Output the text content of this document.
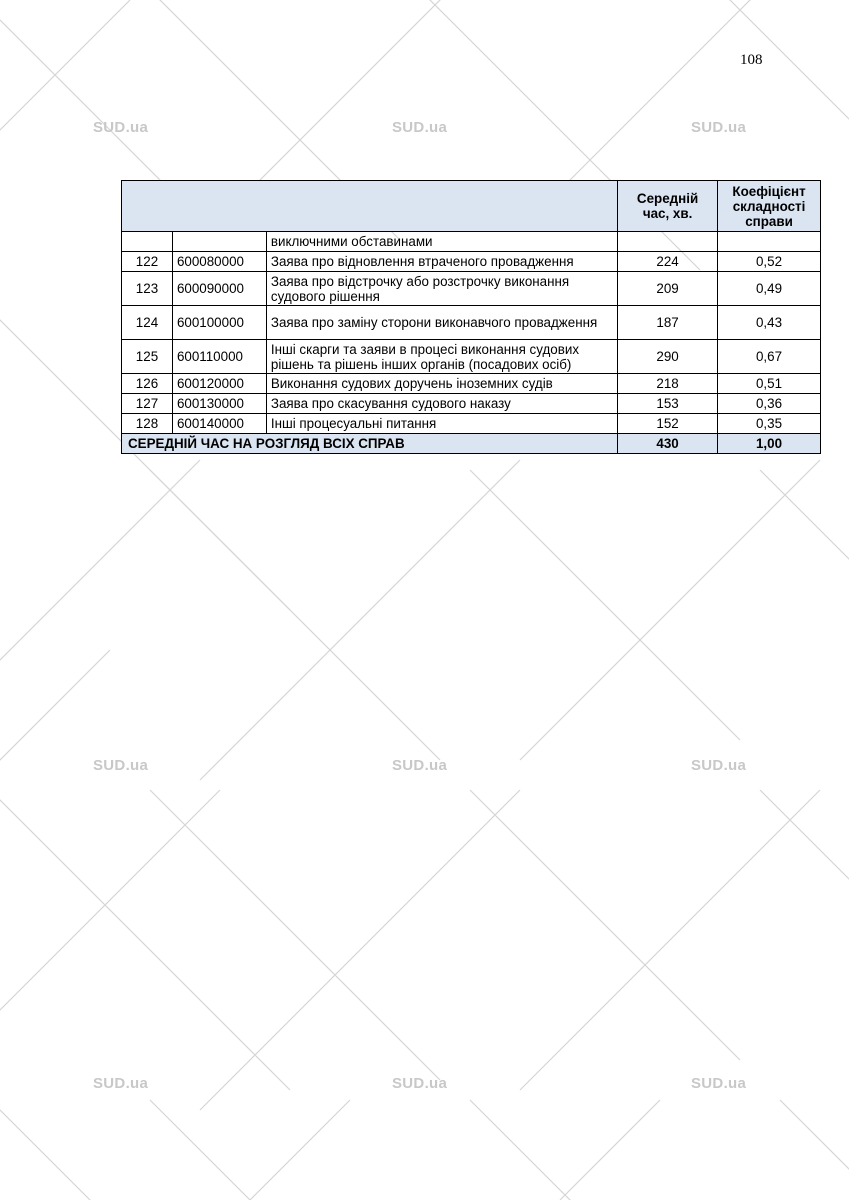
SUD.ua	SUD.ua	SUD.ua
SUD.ua	SUD.ua	SUD.ua
SUD.ua	SUD.ua	SUD.ua
108
			Середній час, хв.	Коефіцієнт складності справи
		виключними обставинами		
122	600080000	Заява про відновлення втраченого провадження	224	0,52
123	600090000	Заява про відстрочку або розстрочку виконання судового рішення	209	0,49
124	600100000	Заява про заміну сторони виконавчого провадження	187	0,43
125	600110000	Інші скарги та заяви в процесі виконання судових рішень та рішень інших органів (посадових осіб)	290	0,67
126	600120000	Виконання судових доручень іноземних судів	218	0,51
127	600130000	Заява про скасування судового наказу	153	0,36
128	600140000	Інші процесуальні питання	152	0,35
СЕРЕДНІЙ ЧАС НА РОЗГЛЯД ВСІХ СПРАВ			430	1,00
